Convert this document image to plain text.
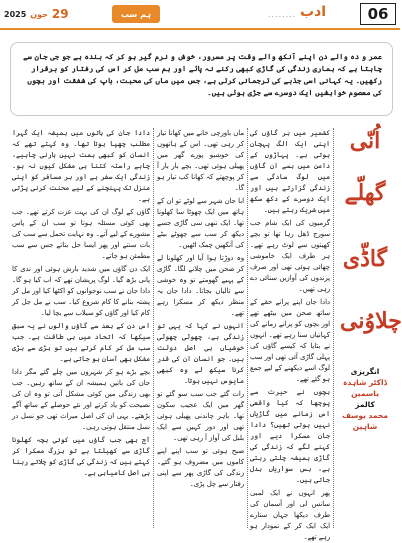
2025 جون 29	ہم سب	........ ادب	06
عمر و دہ والے دن اپنے آنکھ والے وقت پر مسرور، خوش و نرم گیر ہو کر کہ بندہ ہے جو جی جان سے چاہتا ہے کہ ہماری زندگی کی گاڑی کبھی رکنے نہ پائے اور ہم سب مل کر اس کی رفتار کو برقرار رکھیں۔ یہ کہانی اسی جذبے کی ترجمانی کرتی ہے، جس میں ماں کی محبت، باپ کی شفقت اور بچوں کی معصوم خواہشیں ایک دوسرے سے جڑی ہوئی ہیں۔
اُنّی
گھلّے
گاڈّی
چلاوُنی
انگریزی
ڈاکٹر شاہدہ یاسمین
کالمز
محمد یوسف شاہین

کشمیر میں ہر گاؤں کی اپنی ایک الگ پہچان ہوتی ہے۔ پہاڑوں کے دامن میں بسے ان گاؤں میں لوگ سادگی سے زندگی گزارتے ہیں اور ایک دوسرے کے دکھ سکھ میں شریک رہتے ہیں۔

گرمیوں کی ایک شام جب سورج ڈھل رہا تھا تو بچے کھیتوں سے لوٹ رہے تھے۔ ہر طرف ایک خاموشی چھائی ہوئی تھی اور صرف پرندوں کی آوازیں سنائی دے رہی تھیں۔

دادا جان اپنے پرانے حقے کے ساتھ صحن میں بیٹھے تھے اور بچوں کو پرانے زمانے کی کہانیاں سنا رہے تھے۔ انہوں نے بتایا کہ کیسے گاؤں کی پہلی گاڑی آئی تھی اور سب لوگ اسے دیکھنے کے لیے جمع ہو گئے تھے۔

بچوں نے حیرت سے پوچھا کہ کیا واقعی اس زمانے میں گاڑیاں نہیں ہوتی تھیں؟ دادا جان مسکرا دیے اور کہنے لگے کہ زندگی کی گاڑی ہمیشہ چلتی رہتی ہے، بس سواریاں بدل جاتی ہیں۔

پھر انہوں نے ایک لمبی سانس لی اور آسمان کی طرف دیکھا جہاں ستارے ایک ایک کر کے نمودار ہو رہے تھے۔

ماں باورچی خانے میں کھانا تیار کر رہی تھی۔ اس کے ہاتھوں کی خوشبو پورے گھر میں پھیلی ہوئی تھی۔ بچے بار بار آ کر پوچھتے کہ کھانا کب تیار ہو گا۔

ابا جان شہر سے لوٹے تو ان کے ہاتھ میں ایک چھوٹا سا کھلونا تھا۔ ایک ننھی سی گاڑی جسے دیکھ کر سب سے چھوٹے بیٹے کی آنکھیں چمک اٹھیں۔

وہ دوڑتا ہوا آیا اور کھلونا لے کر صحن میں چلانے لگا۔ گاڑی کے پہیے گھومتے تو وہ خوشی سے تالیاں بجاتا۔ دادا جان یہ منظر دیکھ کر مسکرا رہے تھے۔

انہوں نے کہا کہ یہی تو زندگی ہے، چھوٹی چھوٹی خوشیاں ہی اصل دولت ہیں۔ جو انسان ان کی قدر کرنا سیکھ لے وہ کبھی مایوس نہیں ہوتا۔

رات گئے جب سب سو گئے تو گھر میں ایک عجیب سکون تھا۔ باہر چاندنی پھیلی ہوئی تھی اور دور کہیں سے ایک بلبل کی آواز آ رہی تھی۔

صبح ہوئی تو سب اپنے اپنے کاموں میں مصروف ہو گئے۔ زندگی کی گاڑی پھر سے اپنی رفتار سے چل پڑی۔

دادا جان کی باتوں میں ہمیشہ ایک گہرا مطلب چھپا ہوتا تھا۔ وہ کہتے تھے کہ انسان کو کبھی ہمت نہیں ہارنی چاہیے، چاہے راستہ کتنا ہی مشکل کیوں نہ ہو۔ زندگی ایک سفر ہے اور ہر مسافر کو اپنی منزل تک پہنچنے کے لیے محنت کرنی پڑتی ہے۔

گاؤں کے لوگ ان کی بہت عزت کرتے تھے۔ جب بھی کوئی مسئلہ ہوتا تو سب ان کے پاس مشورے کے لیے آتے۔ وہ نہایت تحمل سے سب کی بات سنتے اور پھر ایسا حل بتاتے جس سے سب مطمئن ہو جاتے۔

ایک دن گاؤں میں شدید بارش ہوئی اور ندی کا پانی بڑھ گیا۔ لوگ پریشان تھے کہ اب کیا ہو گا۔ دادا جان نے سب نوجوانوں کو اکٹھا کیا اور مل کر پشتہ بنانے کا کام شروع کیا۔ سب نے مل جل کر کام کیا اور گاؤں کو سیلاب سے بچا لیا۔

اس دن کے بعد سے گاؤں والوں نے یہ سبق سیکھا کہ اتحاد میں ہی طاقت ہے۔ جب سب مل کر کام کرتے ہیں تو بڑی سے بڑی مشکل بھی آسان ہو جاتی ہے۔

بچے بڑے ہو کر شہروں میں چلے گئے مگر دادا جان کی باتیں ہمیشہ ان کے ساتھ رہیں۔ جب بھی زندگی میں کوئی مشکل آتی تو وہ ان کی نصیحت کو یاد کرتے اور نئے حوصلے کے ساتھ آگے بڑھتے۔ یہی ان کی اصل میراث تھی جو نسل در نسل منتقل ہوتی رہی۔

آج بھی جب گاؤں میں کوئی بچہ کھلونا گاڑی سے کھیلتا ہے تو بزرگ مسکرا کر کہتے ہیں کہ زندگی کی گاڑی کو چلاتے رہنا ہی اصل کامیابی ہے۔
